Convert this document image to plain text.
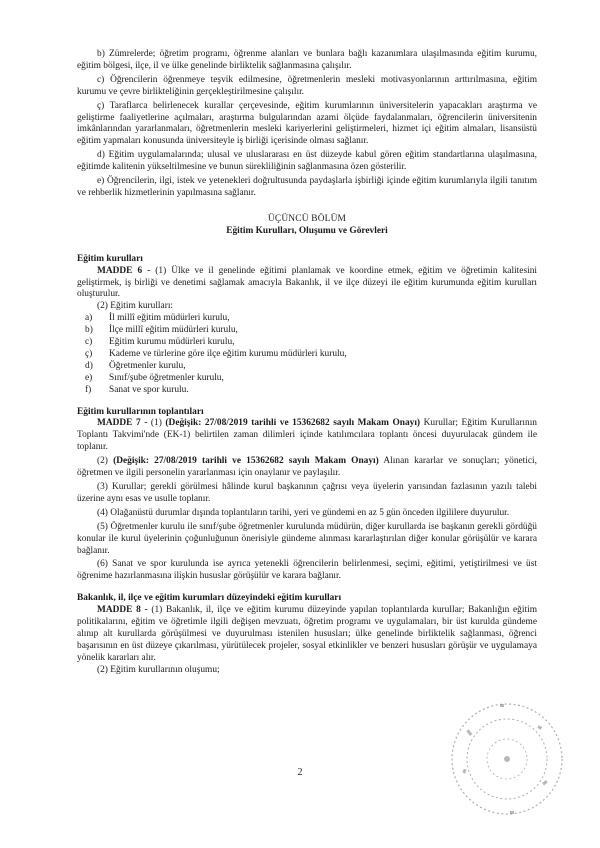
b) Zümrelerde; öğretim programı, öğrenme alanları ve bunlara bağlı kazanımlara ulaşılmasında eğitim kurumu, eğitim bölgesi, ilçe, il ve ülke genelinde birliktelik sağlanmasına çalışılır.

c) Öğrencilerin öğrenmeye teşvik edilmesine, öğretmenlerin mesleki motivasyonlarının arttırılmasına, eğitim kurumu ve çevre birlikteliğinin gerçekleştirilmesine çalışılır.

ç) Taraflarca belirlenecek kurallar çerçevesinde, eğitim kurumlarının üniversitelerin yapacakları araştırma ve geliştirme faaliyetlerine açılmaları, araştırma bulgularından azami ölçüde faydalanmaları, öğrencilerin üniversitenin imkânlarından yararlanmaları, öğretmenlerin mesleki kariyerlerini geliştirmeleri, hizmet içi eğitim almaları, lisansüstü eğitim yapmaları konusunda üniversiteyle iş birliği içerisinde olması sağlanır.

d) Eğitim uygulamalarında; ulusal ve uluslararası en üst düzeyde kabul gören eğitim standartlarına ulaşılmasına, eğitimde kalitenin yükseltilmesine ve bunun sürekliliğinin sağlanmasına özen gösterilir.

e) Öğrencilerin, ilgi, istek ve yetenekleri doğrultusunda paydaşlarla işbirliği içinde eğitim kurumlarıyla ilgili tanıtım ve rehberlik hizmetlerinin yapılmasına sağlanır.

ÜÇÜNCÜ BÖLÜM

Eğitim Kurulları, Oluşumu ve Görevleri

Eğitim kurulları

MADDE 6 - (1) Ülke ve il genelinde eğitimi planlamak ve koordine etmek, eğitim ve öğretimin kalitesini geliştirmek, iş birliği ve denetimi sağlamak amacıyla Bakanlık, il ve ilçe düzeyi ile eğitim kurumunda eğitim kurulları oluşturulur.

(2) Eğitim kurulları:

a) İl millî eğitim müdürleri kurulu,

b) İlçe millî eğitim müdürleri kurulu,

c) Eğitim kurumu müdürleri kurulu,

ç) Kademe ve türlerine göre ilçe eğitim kurumu müdürleri kurulu,

d) Öğretmenler kurulu,

e) Sınıf/şube öğretmenler kurulu,

f) Sanat ve spor kurulu.

Eğitim kurullarının toplantıları

MADDE 7 - (1) (Değişik: 27/08/2019 tarihli ve 15362682 sayılı Makam Onayı) Kurullar; Eğitim Kurullarının Toplantı Takvimi'nde (EK-1) belirtilen zaman dilimleri içinde katılımcılara toplantı öncesi duyurulacak gündem ile toplanır.

(2) (Değişik: 27/08/2019 tarihli ve 15362682 sayılı Makam Onayı) Alınan kararlar ve sonuçları; yönetici, öğretmen ve ilgili personelin yararlanması için onaylanır ve paylaşılır.

(3) Kurullar; gerekli görülmesi hâlinde kurul başkanının çağrısı veya üyelerin yarısından fazlasının yazılı talebi üzerine aynı esas ve usulle toplanır.

(4) Olağanüstü durumlar dışında toplantıların tarihi, yeri ve gündemi en az 5 gün önceden ilgililere duyurulur.

(5) Öğretmenler kurulu ile sınıf/şube öğretmenler kurulunda müdürün, diğer kurullarda ise başkanın gerekli gördüğü konular ile kurul üyelerinin çoğunluğunun önerisiyle gündeme alınması kararlaştırılan diğer konular görüşülür ve karara bağlanır.

(6) Sanat ve spor kurulunda ise ayrıca yetenekli öğrencilerin belirlenmesi, seçimi, eğitimi, yetiştirilmesi ve üst öğrenime hazırlanmasına ilişkin hususlar görüşülür ve karara bağlanır.

Bakanlık, il, ilçe ve eğitim kurumları düzeyindeki eğitim kurulları

MADDE 8 - (1) Bakanlık, il, ilçe ve eğitim kurumu düzeyinde yapılan toplantılarda kurullar; Bakanlığın eğitim politikalarını, eğitim ve öğretimle ilgili değişen mevzuatı, öğretim programı ve uygulamaları, bir üst kurulda gündeme alınıp alt kurullarda görüşülmesi ve duyurulması istenilen hususları; ülke genelinde birliktelik sağlanması, öğrenci başarısının en üst düzeye çıkarılması, yürütülecek projeler, sosyal etkinlikler ve benzeri hususları görüşür ve uygulamaya yönelik kararları alır.

(2) Eğitim kurullarının oluşumu;

2
